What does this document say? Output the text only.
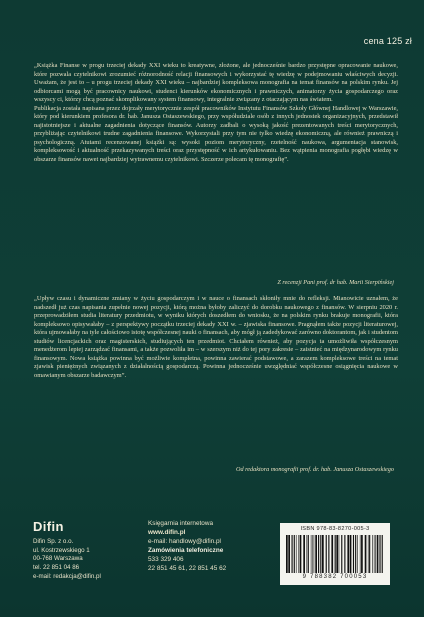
cena 125 zł

„Książka Finanse w progu trzeciej dekady XXI wieku to kreatywne, złożone, ale jednocześnie bardzo przystępne opracowanie naukowe, które pozwala czytelnikowi zrozumieć różnorodność relacji finansowych i wykorzystać tę wiedzę w podejmowaniu właściwych decyzji. Uważam, że jest to – u progu trzeciej dekady XXI wieku – najbardziej kompleksowa monografia na temat finansów na polskim rynku. Jej odbiorcami mogą być pracownicy naukowi, studenci kierunków ekonomicznych i prawniczych, animatorzy życia gospodarczego oraz wszyscy ci, którzy chcą poznać skomplikowany system finansowy, integralnie związany z otaczającym nas światem.

Publikacja została napisana przez dojrzały merytorycznie zespół pracowników Instytutu Finansów Szkoły Głównej Handlowej w Warszawie, który pod kierunkiem profesora dr. hab. Janusza Ostaszewskiego, przy współudziale osób z innych jednostek organizacyjnych, przedstawił najistotniejsze i aktualne zagadnienia dotyczące finansów. Autorzy zadbali o wysoką jakość prezentowanych treści merytorycznych, przybliżając czytelnikowi trudne zagadnienia finansowe. Wykorzystali przy tym nie tylko wiedzę ekonomiczną, ale również prawniczą i psychologiczną. Atutami recenzowanej książki są: wysoki poziom merytoryczny, rzetelność naukowa, argumentacja stanowisk, kompleksowość i aktualność przekazywanych treści oraz przystępność w ich artykułowaniu. Bez wątpienia monografia pogłębi wiedzę w obszarze finansów nawet najbardziej wytrawnemu czytelnikowi. Szczerze polecam tę monografię”.

Z recenzji Pani prof. dr hab. Marii Sierpińskiej

„Upływ czasu i dynamiczne zmiany w życiu gospodarczym i w nauce o finansach skłoniły mnie do refleksji. Mianowicie uznałem, że nadszedł już czas napisania zupełnie nowej pozycji, którą można byłoby zaliczyć do dorobku naukowego z finansów. W sierpniu 2020 r. przeprowadziłem studia literatury przedmiotu, w wyniku których doszedłem do wniosku, że na polskim rynku brakuje monografii, która kompleksowo opisywałaby – z perspektywy początku trzeciej dekady XXI w. – zjawiska finansowe. Pragnąłem także pozycji literaturowej, która ujmowałaby na tyle całościowo istotę współczesnej nauki o finansach, aby mógł ją zadedykować zarówno doktorantom, jak i studentom studiów licencjackich oraz magisterskich, studiujących ten przedmiot. Chciałem również, aby pozycja ta umożliwiła współczesnym menedżerom lepiej zarządzać finansami, a także pozwoliła im – w szerszym niż do tej pory zakresie – zaistnieć na międzynarodowym rynku finansowym. Nowa książka powinna być możliwie kompletna, powinna zawierać podstawowe, a zarazem kompleksowe treści na temat zjawisk pieniężnych związanych z działalnością gospodarczą. Powinna jednocześnie uwzględniać współczesne osiągnięcia naukowe w omawianym obszarze badawczym”.

Od redaktora monografii prof. dr. hab. Janusza Ostaszewskiego
Difin
Difin Sp. z o.o.
ul. Kostrzewskiego 1
00-768 Warszawa
tel. 22 851 04 86
e-mail: redakcja@difin.pl
Księgarnia internetowa
www.difin.pl
e-mail: handlowy@difin.pl
Zamówienia telefoniczne
533 329 406
22 851 45 61, 22 851 45 62
ISBN 978-83-8270-005-3
9 788382 700053
